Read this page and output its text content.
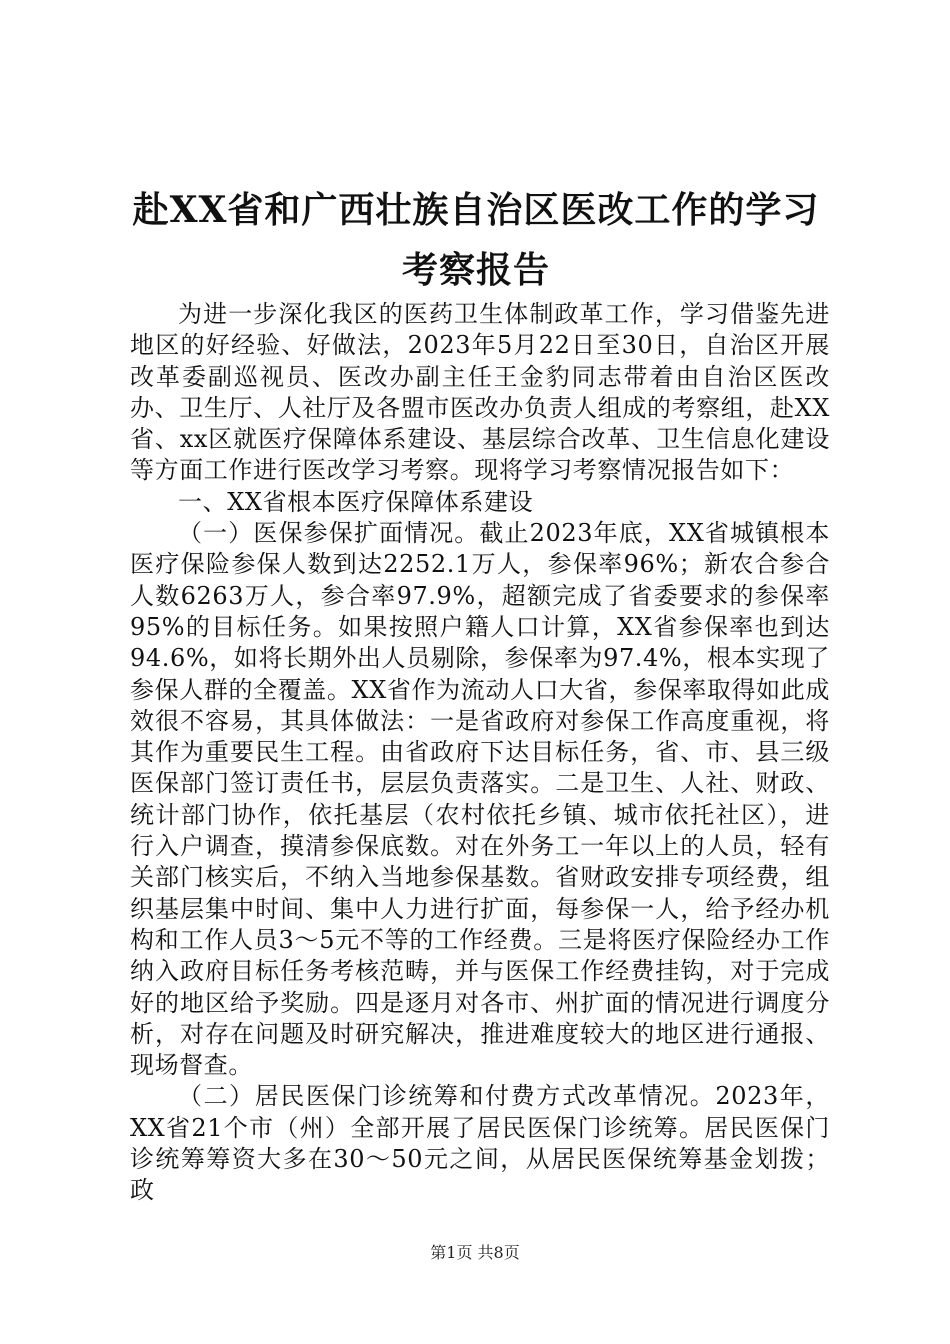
赴XX省和广西壮族自治区医改工作的学习考察报告

为进一步深化我区的医药卫生体制政革工作，学习借鉴先进地区的好经验、好做法，2023年5月22日至30日，自治区开展改革委副巡视员、医改办副主任王金豹同志带着由自治区医改办、卫生厅、人社厅及各盟市医改办负责人组成的考察组，赴XX省、xx区就医疗保障体系建设、基层综合改革、卫生信息化建设等方面工作进行医改学习考察。现将学习考察情况报告如下：

一、XX省根本医疗保障体系建设

（一）医保参保扩面情况。截止2023年底，XX省城镇根本医疗保险参保人数到达2252.1万人，参保率96%；新农合参合人数6263万人，参合率97.9%，超额完成了省委要求的参保率95%的目标任务。如果按照户籍人口计算，XX省参保率也到达94.6%，如将长期外出人员剔除，参保率为97.4%，根本实现了参保人群的全覆盖。XX省作为流动人口大省，参保率取得如此成效很不容易，其具体做法：一是省政府对参保工作高度重视，将其作为重要民生工程。由省政府下达目标任务，省、市、县三级医保部门签订责任书，层层负责落实。二是卫生、人社、财政、统计部门协作，依托基层（农村依托乡镇、城市依托社区），进行入户调查，摸清参保底数。对在外务工一年以上的人员，轻有关部门核实后，不纳入当地参保基数。省财政安排专项经费，组织基层集中时间、集中人力进行扩面，每参保一人，给予经办机构和工作人员3～5元不等的工作经费。三是将医疗保险经办工作纳入政府目标任务考核范畴，并与医保工作经费挂钩，对于完成好的地区给予奖励。四是逐月对各市、州扩面的情况进行调度分析，对存在问题及时研究解决，推进难度较大的地区进行通报、现场督查。

（二）居民医保门诊统筹和付费方式改革情况。2023年，XX省21个市（州）全部开展了居民医保门诊统筹。居民医保门诊统筹筹资大多在30～50元之间，从居民医保统筹基金划拨；政

第1页 共8页
